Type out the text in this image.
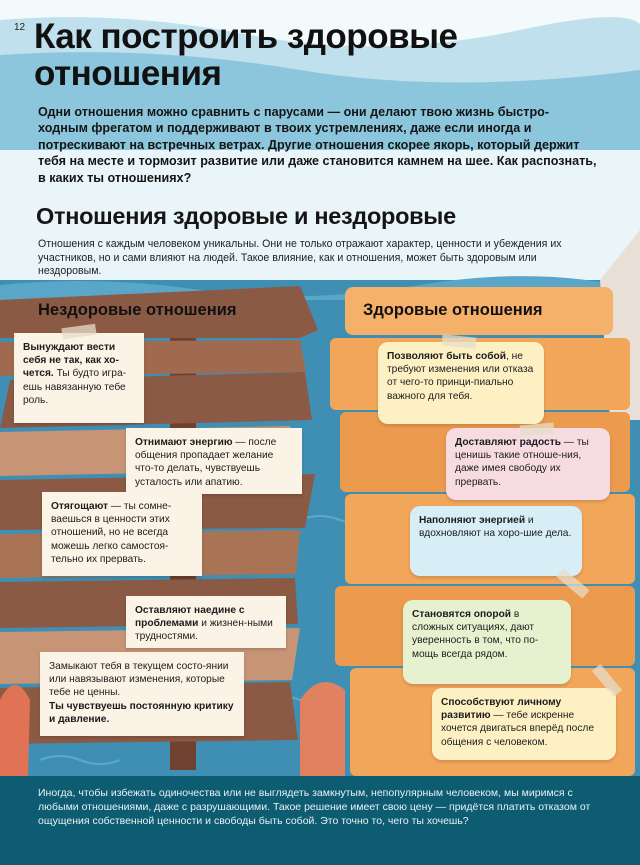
12 Как построить здоровые отношения
Одни отношения можно сравнить с парусами — они делают твою жизнь быстро-ходным фрегатом и поддерживают в твоих устремлениях, даже если иногда и потрескивают на встречных ветрах. Другие отношения скорее якорь, который держит тебя на месте и тормозит развитие или даже становится камнем на шее. Как распознать, в каких ты отношениях?
Отношения здоровые и нездоровые
Отношения с каждым человеком уникальны. Они не только отражают характер, ценности и убеждения их участников, но и сами влияют на людей. Такое влияние, как и отношения, может быть здоровым или нездоровым.
Нездоровые отношения	Здоровые отношения
Вынуждают вести себя не так, как хо-чется. Ты будто игра-ешь навязанную тебе роль.
Отнимают энергию — после общения пропадает желание что-то делать, чувствуешь усталость или апатию.
Отягощают — ты сомне-ваешься в ценности этих отношений, но не всегда можешь легко самостоя-тельно их прервать.
Оставляют наедине с проблемами и жизнен-ными трудностями.
Замыкают тебя в текущем состо-янии или навязывают изменения, которые тебе не ценны.
Ты чувствуешь постоянную критику и давление.
Позволяют быть собой, не требуют изменения или отказа от чего-то принци-пиально важного для тебя.
Доставляют радость — ты ценишь такие отноше-ния, даже имея свободу их прервать.
Наполняют энергией и вдохновляют на хоро-шие дела.
Становятся опорой в сложных ситуациях, дают уверенность в том, что по-мощь всегда рядом.
Способствуют личному развитию — тебе искренне хочется двигаться вперёд после общения с человеком.
Иногда, чтобы избежать одиночества или не выглядеть замкнутым, непопулярным человеком, мы миримся с любыми отношениями, даже с разрушающими. Такое решение имеет свою цену — придётся платить отказом от ощущения собственной ценности и свободы быть собой. Это точно то, чего ты хочешь?
